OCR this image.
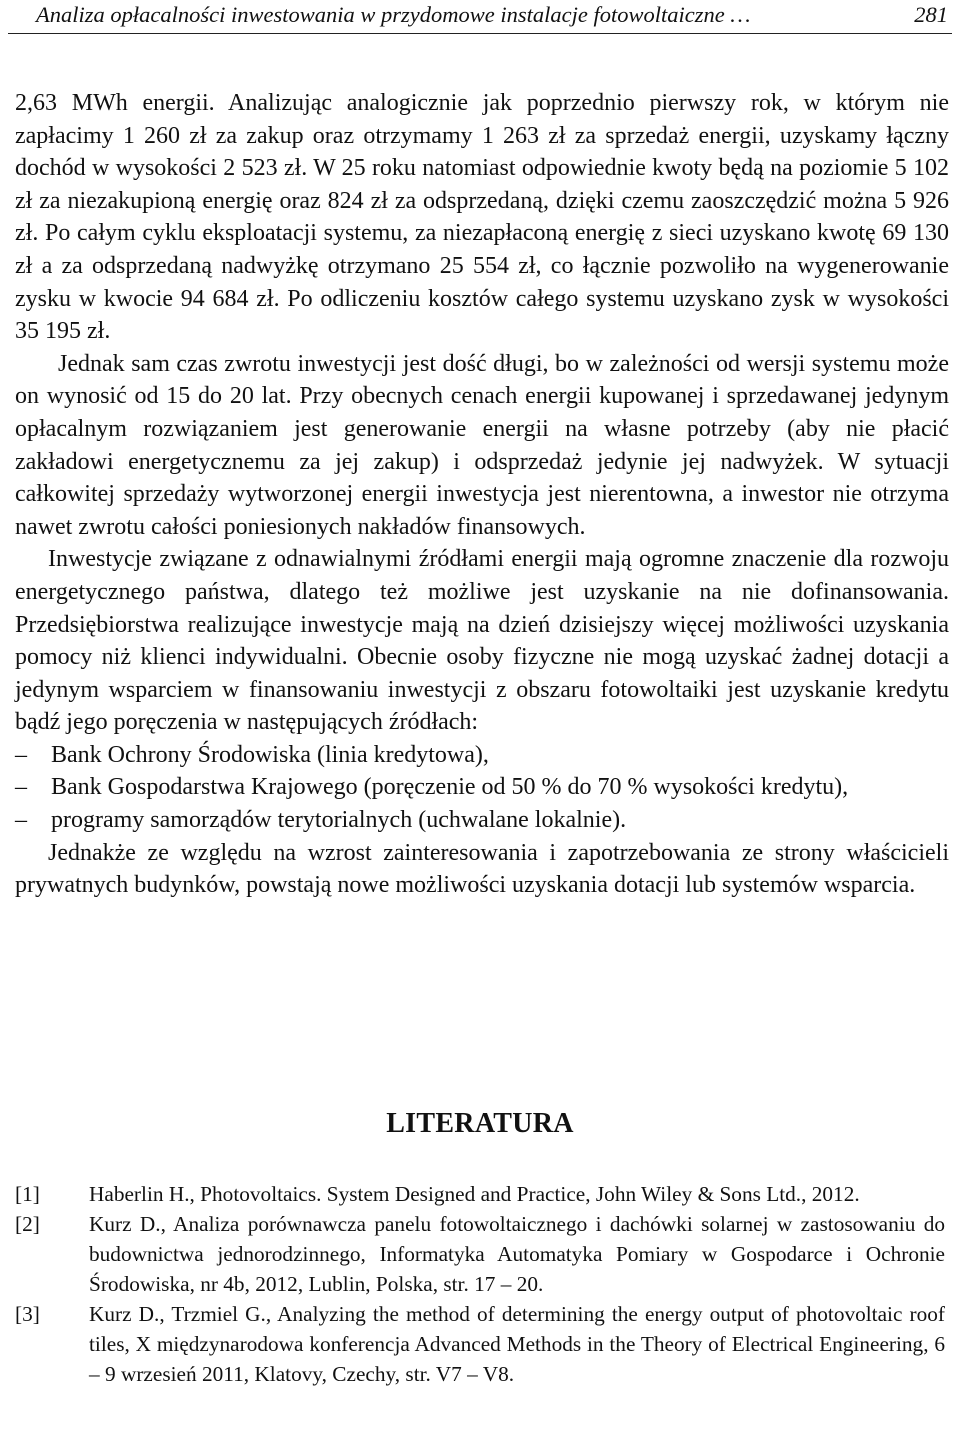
Analiza opłacalności inwestowania w przydomowe instalacje fotowoltaiczne …	281

2,63 MWh energii. Analizując analogicznie jak poprzednio pierwszy rok, w którym nie zapłacimy 1 260 zł za zakup oraz otrzymamy 1 263 zł za sprzedaż energii, uzyskamy łączny dochód w wysokości 2 523 zł. W 25 roku natomiast odpowiednie kwoty będą na poziomie 5 102 zł za niezakupioną energię oraz 824 zł za odsprzedaną, dzięki czemu zaoszczędzić można 5 926 zł. Po całym cyklu eksploatacji systemu, za niezapłaconą energię z sieci uzyskano kwotę 69 130 zł a za odsprzedaną nadwyżkę otrzymano 25 554 zł, co łącznie pozwoliło na wygenerowanie zysku w kwocie 94 684 zł. Po odliczeniu kosztów całego systemu uzyskano zysk w wysokości 35 195 zł.

Jednak sam czas zwrotu inwestycji jest dość długi, bo w zależności od wersji systemu może on wynosić od 15 do 20 lat. Przy obecnych cenach energii kupowanej i sprzedawanej jedynym opłacalnym rozwiązaniem jest generowanie energii na własne potrzeby (aby nie płacić zakładowi energetycznemu za jej zakup) i odsprzedaż jedynie jej nadwyżek. W sytuacji całkowitej sprzedaży wytworzonej energii inwestycja jest nierentowna, a inwestor nie otrzyma nawet zwrotu całości poniesionych nakładów finansowych.

Inwestycje związane z odnawialnymi źródłami energii mają ogromne znaczenie dla rozwoju energetycznego państwa, dlatego też możliwe jest uzyskanie na nie dofinansowania. Przedsiębiorstwa realizujące inwestycje mają na dzień dzisiejszy więcej możliwości uzyskania pomocy niż klienci indywidualni. Obecnie osoby fizyczne nie mogą uzyskać żadnej dotacji a jedynym wsparciem w finansowaniu inwestycji z obszaru fotowoltaiki jest uzyskanie kredytu bądź jego poręczenia w następujących źródłach:

– Bank Ochrony Środowiska (linia kredytowa),
– Bank Gospodarstwa Krajowego (poręczenie od 50 % do 70 % wysokości kredytu),
– programy samorządów terytorialnych (uchwalane lokalnie).

Jednakże ze względu na wzrost zainteresowania i zapotrzebowania ze strony właścicieli prywatnych budynków, powstają nowe możliwości uzyskania dotacji lub systemów wsparcia.

LITERATURA

[1] Haberlin H., Photovoltaics. System Designed and Practice, John Wiley & Sons Ltd., 2012.

[2] Kurz D., Analiza porównawcza panelu fotowoltaicznego i dachówki solarnej w zastosowaniu do budownictwa jednorodzinnego, Informatyka Automatyka Pomiary w Gospodarce i Ochronie Środowiska, nr 4b, 2012, Lublin, Polska, str. 17 – 20.

[3] Kurz D., Trzmiel G., Analyzing the method of determining the energy output of photovoltaic roof tiles, X międzynarodowa konferencja Advanced Methods in the Theory of Electrical Engineering, 6 – 9 wrzesień 2011, Klatovy, Czechy, str. V7 – V8.
